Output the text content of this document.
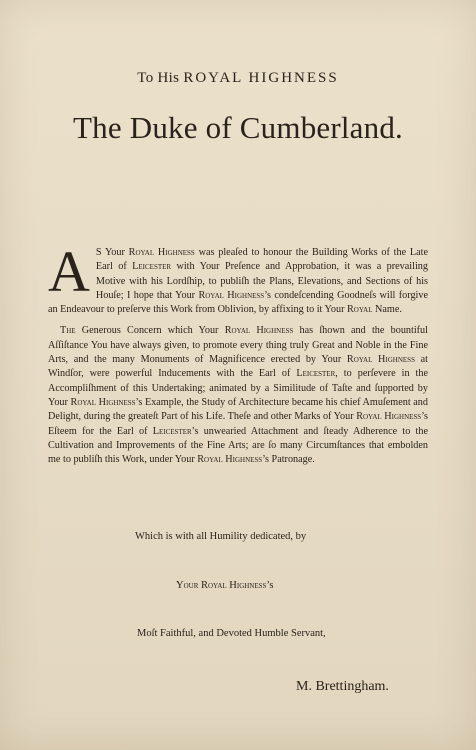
To His ROYAL HIGHNESS
The Duke of Cumberland.

A S Your Royal Highness was pleaſed to honour the Building Works of the Late Earl of Leicester with Your Preſence and Approbation, it was a prevailing Motive with his Lordſhip, to publiſh the Plans, Elevations, and Sections of his Houſe; I hope that Your Royal Highness’s condeſcending Goodneſs will forgive an Endeavour to preſerve this Work from Oblivion, by affixing to it Your Royal Name.

The Generous Concern which Your Royal Highness has ſhown and the bountiful Aſſiſtance You have always given, to promote every thing truly Great and Noble in the Fine Arts, and the many Monuments of Magnificence erected by Your Royal Highness at Windſor, were powerful Inducements with the Earl of Leicester, to perſevere in the Accompliſhment of this Undertaking; animated by a Similitude of Taſte and ſupported by Your Royal Highness’s Example, the Study of Architecture became his chief Amuſement and Delight, during the greateſt Part of his Life. Theſe and other Marks of Your Royal Highness’s Eſteem for the Earl of Leicester’s unwearied Attachment and ſteady Adherence to the Cultivation and Improvements of the Fine Arts; are ſo many Circumſtances that embolden me to publiſh this Work, under Your Royal Highness’s Patronage.

Which is with all Humility dedicated, by
Your Royal Highness’s
Moſt Faithful, and Devoted Humble Servant,
M. Brettingham.
